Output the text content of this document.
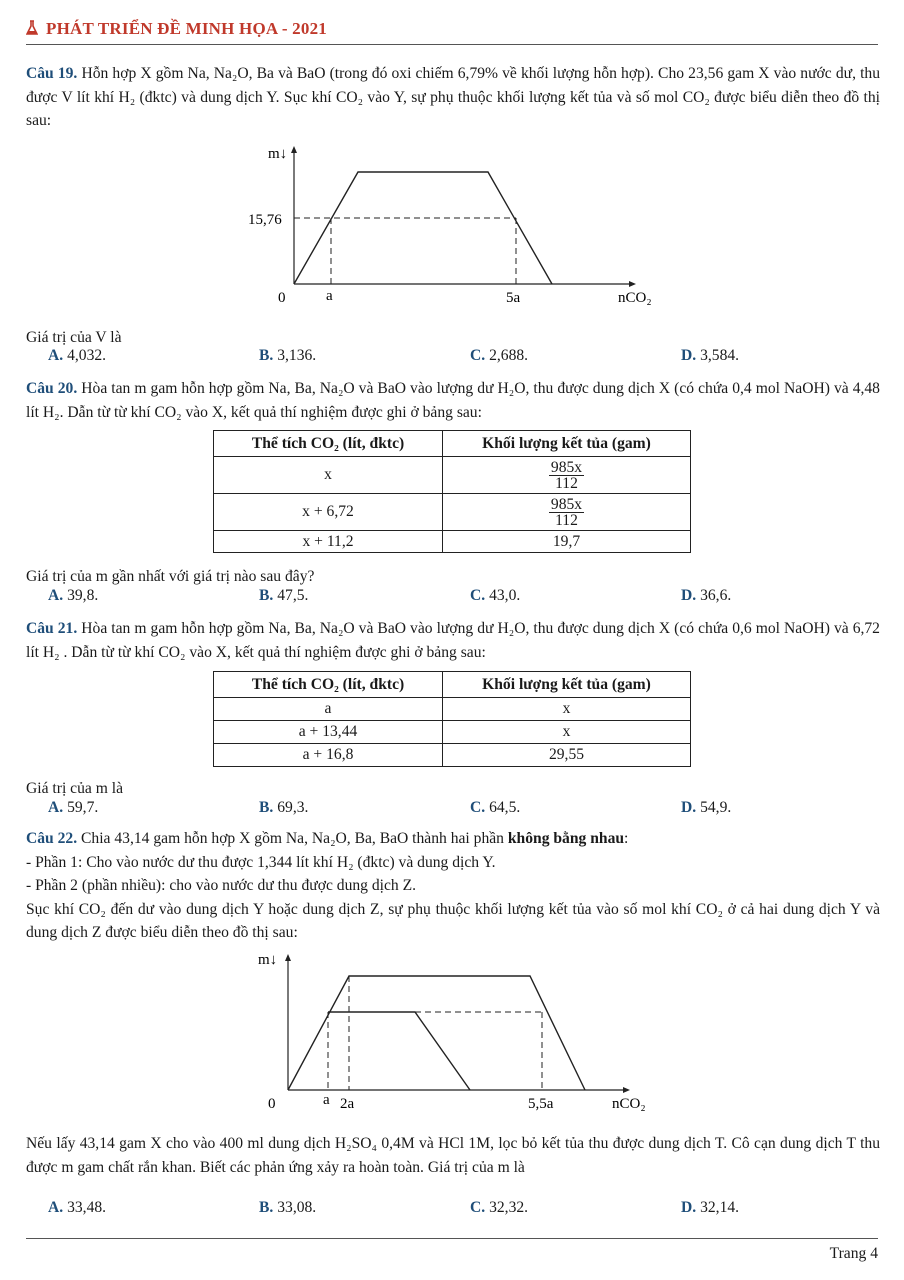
PHÁT TRIỂN ĐỀ MINH HỌA - 2021
Câu 19. Hỗn hợp X gồm Na, Na₂O, Ba và BaO (trong đó oxi chiếm 6,79% về khối lượng hỗn hợp). Cho 23,56 gam X vào nước dư, thu được V lít khí H₂ (đktc) và dung dịch Y. Sục khí CO₂ vào Y, sự phụ thuộc khối lượng kết tủa và số mol CO₂ được biểu diễn theo đồ thị sau:
m↓
nCO₂
0	a	5a
15,76
Giá trị của V là
A. 4,032.	B. 3,136.	C. 2,688.	D. 3,584.
Câu 20. Hòa tan m gam hỗn hợp gồm Na, Ba, Na₂O và BaO vào lượng dư H₂O, thu được dung dịch X (có chứa 0,4 mol NaOH) và 4,48 lít H₂. Dẫn từ từ khí CO₂ vào X, kết quả thí nghiệm được ghi ở bảng sau:
Thể tích CO₂ (lít, đktc)	Khối lượng kết tủa (gam)
x	$\frac{985x}{112}$

x + 6,72	$\frac{985x}{112}$

x + 11,2	19,7
Giá trị của m gần nhất với giá trị nào sau đây?
A. 39,8.	B. 47,5.	C. 43,0.	D. 36,6.
Câu 21. Hòa tan m gam hỗn hợp gồm Na, Ba, Na₂O và BaO vào lượng dư H₂O, thu được dung dịch X (có chứa 0,6 mol NaOH) và 6,72 lít H₂ . Dẫn từ từ khí CO₂ vào X, kết quả thí nghiệm được ghi ở bảng sau:
Thể tích CO₂ (lít, đktc)	Khối lượng kết tủa (gam)
a	x
a + 13,44	x
a + 16,8	29,55
Giá trị của m là
A. 59,7.	B. 69,3.	C. 64,5.	D. 54,9.
Câu 22. Chia 43,14 gam hỗn hợp X gồm Na, Na₂O, Ba, BaO thành hai phần không bằng nhau:
- Phần 1: Cho vào nước dư thu được 1,344 lít khí H₂ (đktc) và dung dịch Y.
- Phần 2 (phần nhiều): cho vào nước dư thu được dung dịch Z.
Sục khí CO₂ đến dư vào dung dịch Y hoặc dung dịch Z, sự phụ thuộc khối lượng kết tủa vào số mol khí CO₂ ở cả hai dung dịch Y và dung dịch Z được biểu diễn theo đồ thị sau:
m↓
nCO₂
0	a 2a	5,5a
Nếu lấy 43,14 gam X cho vào 400 ml dung dịch H₂SO₄ 0,4M và HCl 1M, lọc bỏ kết tủa thu được dung dịch T. Cô cạn dung dịch T thu được m gam chất rắn khan. Biết các phản ứng xảy ra hoàn toàn. Giá trị của m là
A. 33,48.	B. 33,08.	C. 32,32.	D. 32,14.
Trang 4
